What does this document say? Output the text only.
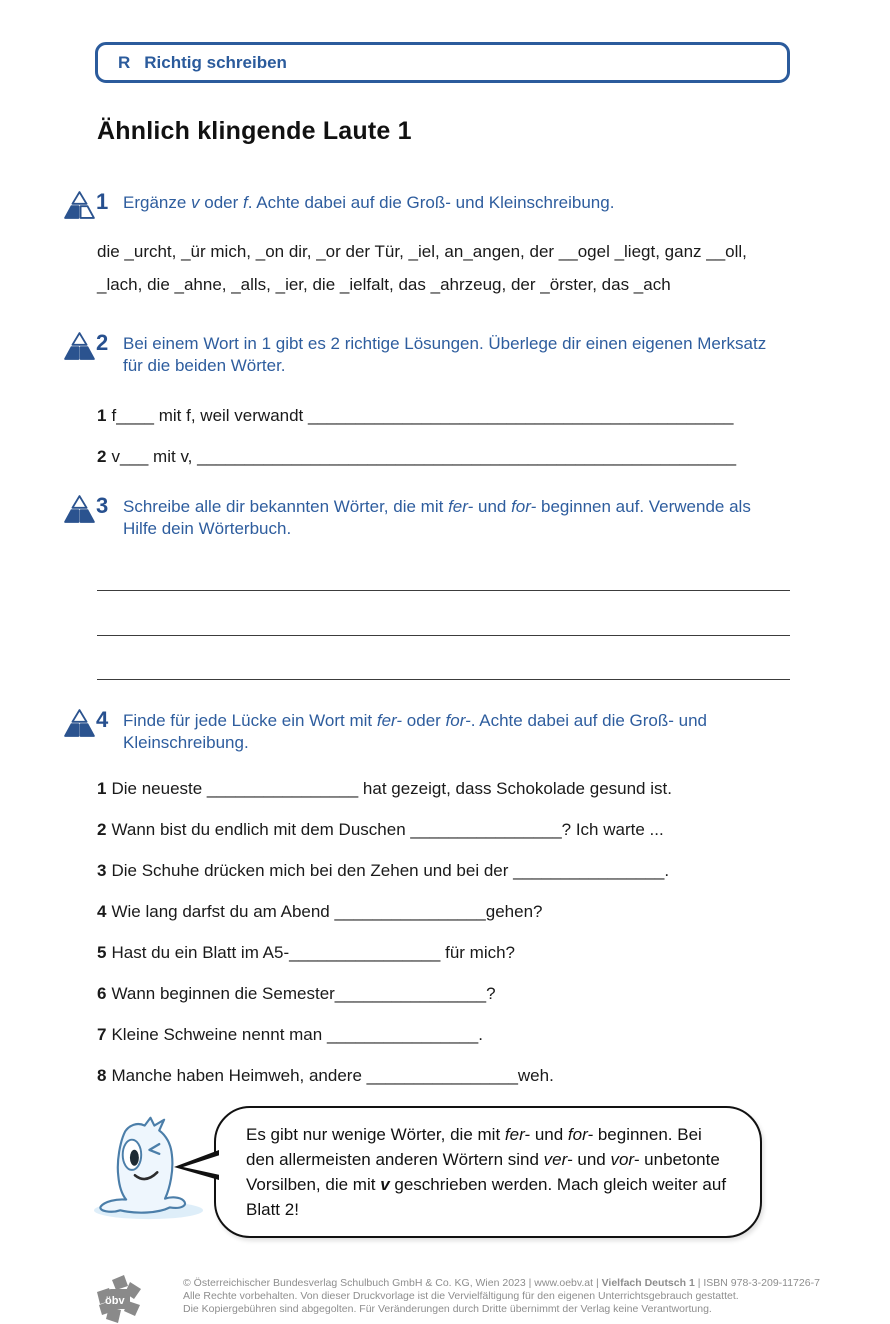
R Richtig schreiben
Ähnlich klingende Laute 1
1 Ergänze v oder f. Achte dabei auf die Groß- und Kleinschreibung.
die _urcht, _ür mich, _on dir, _or der Tür, _iel, an_angen, der __ogel _liegt, ganz __oll,
_lach, die _ahne, _alls, _ier, die _ielfalt, das _ahrzeug, der _örster, das _ach
2 Bei einem Wort in 1 gibt es 2 richtige Lösungen. Überlege dir einen eigenen Merksatz für die beiden Wörter.
1 f____ mit f, weil verwandt _____________________________________________
2 v___ mit v, _________________________________________________________
3 Schreibe alle dir bekannten Wörter, die mit fer- und for- beginnen auf. Verwende als Hilfe dein Wörterbuch.
4 Finde für jede Lücke ein Wort mit fer- oder for-. Achte dabei auf die Groß- und Kleinschreibung.
1 Die neueste ________________ hat gezeigt, dass Schokolade gesund ist.
2 Wann bist du endlich mit dem Duschen ________________? Ich warte ...
3 Die Schuhe drücken mich bei den Zehen und bei der ________________.
4 Wie lang darfst du am Abend ________________gehen?
5 Hast du ein Blatt im A5-________________ für mich?
6 Wann beginnen die Semester________________?
7 Kleine Schweine nennt man ________________.
8 Manche haben Heimweh, andere ________________weh.
Es gibt nur wenige Wörter, die mit fer- und for- beginnen. Bei den allermeisten anderen Wörtern sind ver- und vor- unbetonte Vorsilben, die mit v geschrieben werden. Mach gleich weiter auf Blatt 2!
öbv
© Österreichischer Bundesverlag Schulbuch GmbH & Co. KG, Wien 2023 | www.oebv.at | Vielfach Deutsch 1 | ISBN 978-3-209-11726-7
Alle Rechte vorbehalten. Von dieser Druckvorlage ist die Vervielfältigung für den eigenen Unterrichtsgebrauch gestattet.
Die Kopiergebühren sind abgegolten. Für Veränderungen durch Dritte übernimmt der Verlag keine Verantwortung.
